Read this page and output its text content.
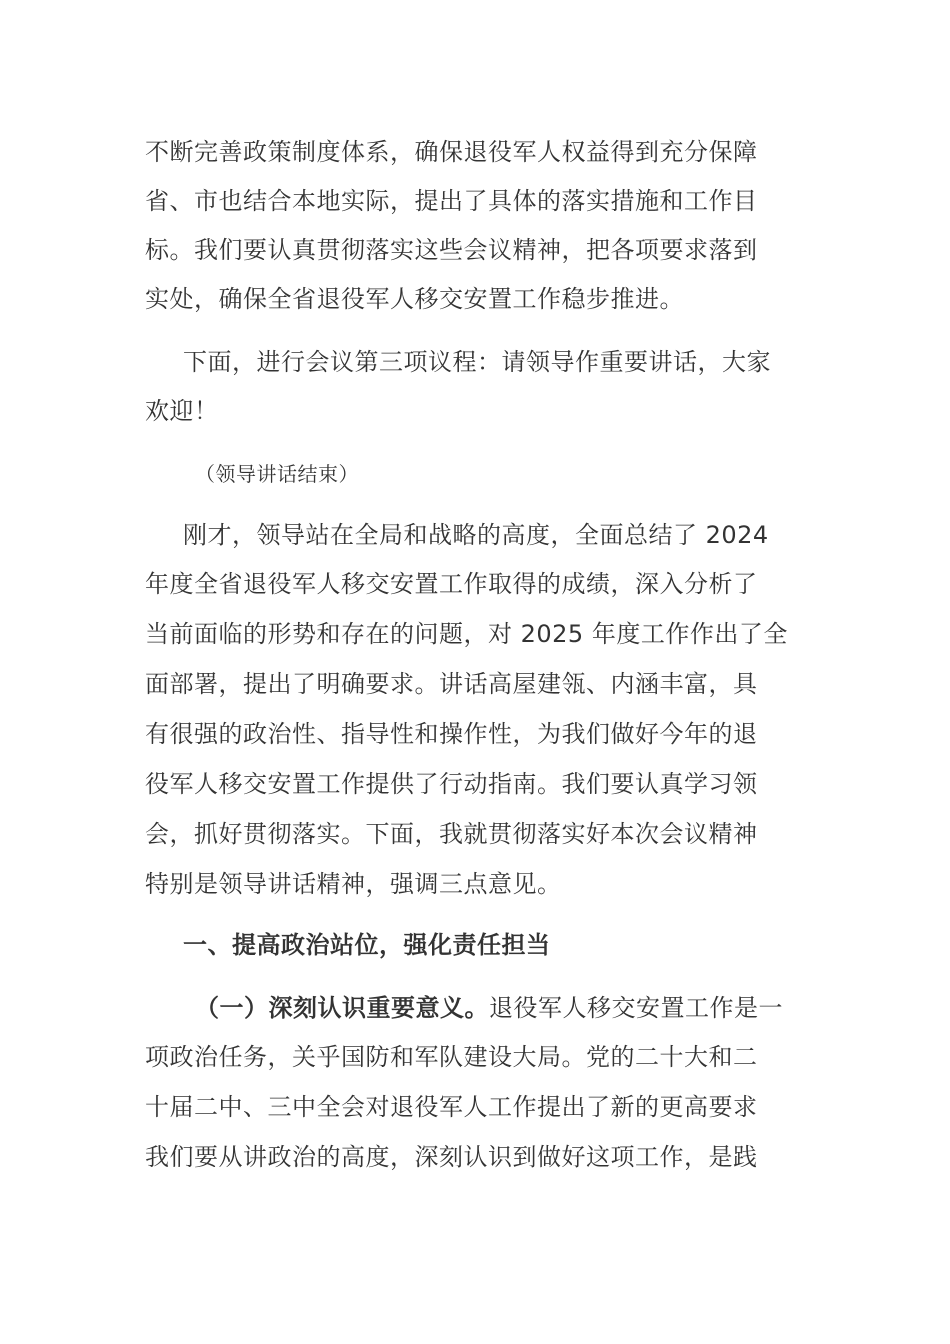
不断完善政策制度体系，确保退役军人权益得到充分保障
省、市也结合本地实际，提出了具体的落实措施和工作目
标。我们要认真贯彻落实这些会议精神，把各项要求落到
实处，确保全省退役军人移交安置工作稳步推进。
下面，进行会议第三项议程：请领导作重要讲话，大家
欢迎！
（领导讲话结束）
刚才，领导站在全局和战略的高度，全面总结了 2024
年度全省退役军人移交安置工作取得的成绩，深入分析了
当前面临的形势和存在的问题，对 2025 年度工作作出了全
面部署，提出了明确要求。讲话高屋建瓴、内涵丰富，具
有很强的政治性、指导性和操作性，为我们做好今年的退
役军人移交安置工作提供了行动指南。我们要认真学习领
会，抓好贯彻落实。下面，我就贯彻落实好本次会议精神
特别是领导讲话精神，强调三点意见。
一、提高政治站位，强化责任担当
（一）深刻认识重要意义。退役军人移交安置工作是一
项政治任务，关乎国防和军队建设大局。党的二十大和二
十届二中、三中全会对退役军人工作提出了新的更高要求
我们要从讲政治的高度，深刻认识到做好这项工作，是践
